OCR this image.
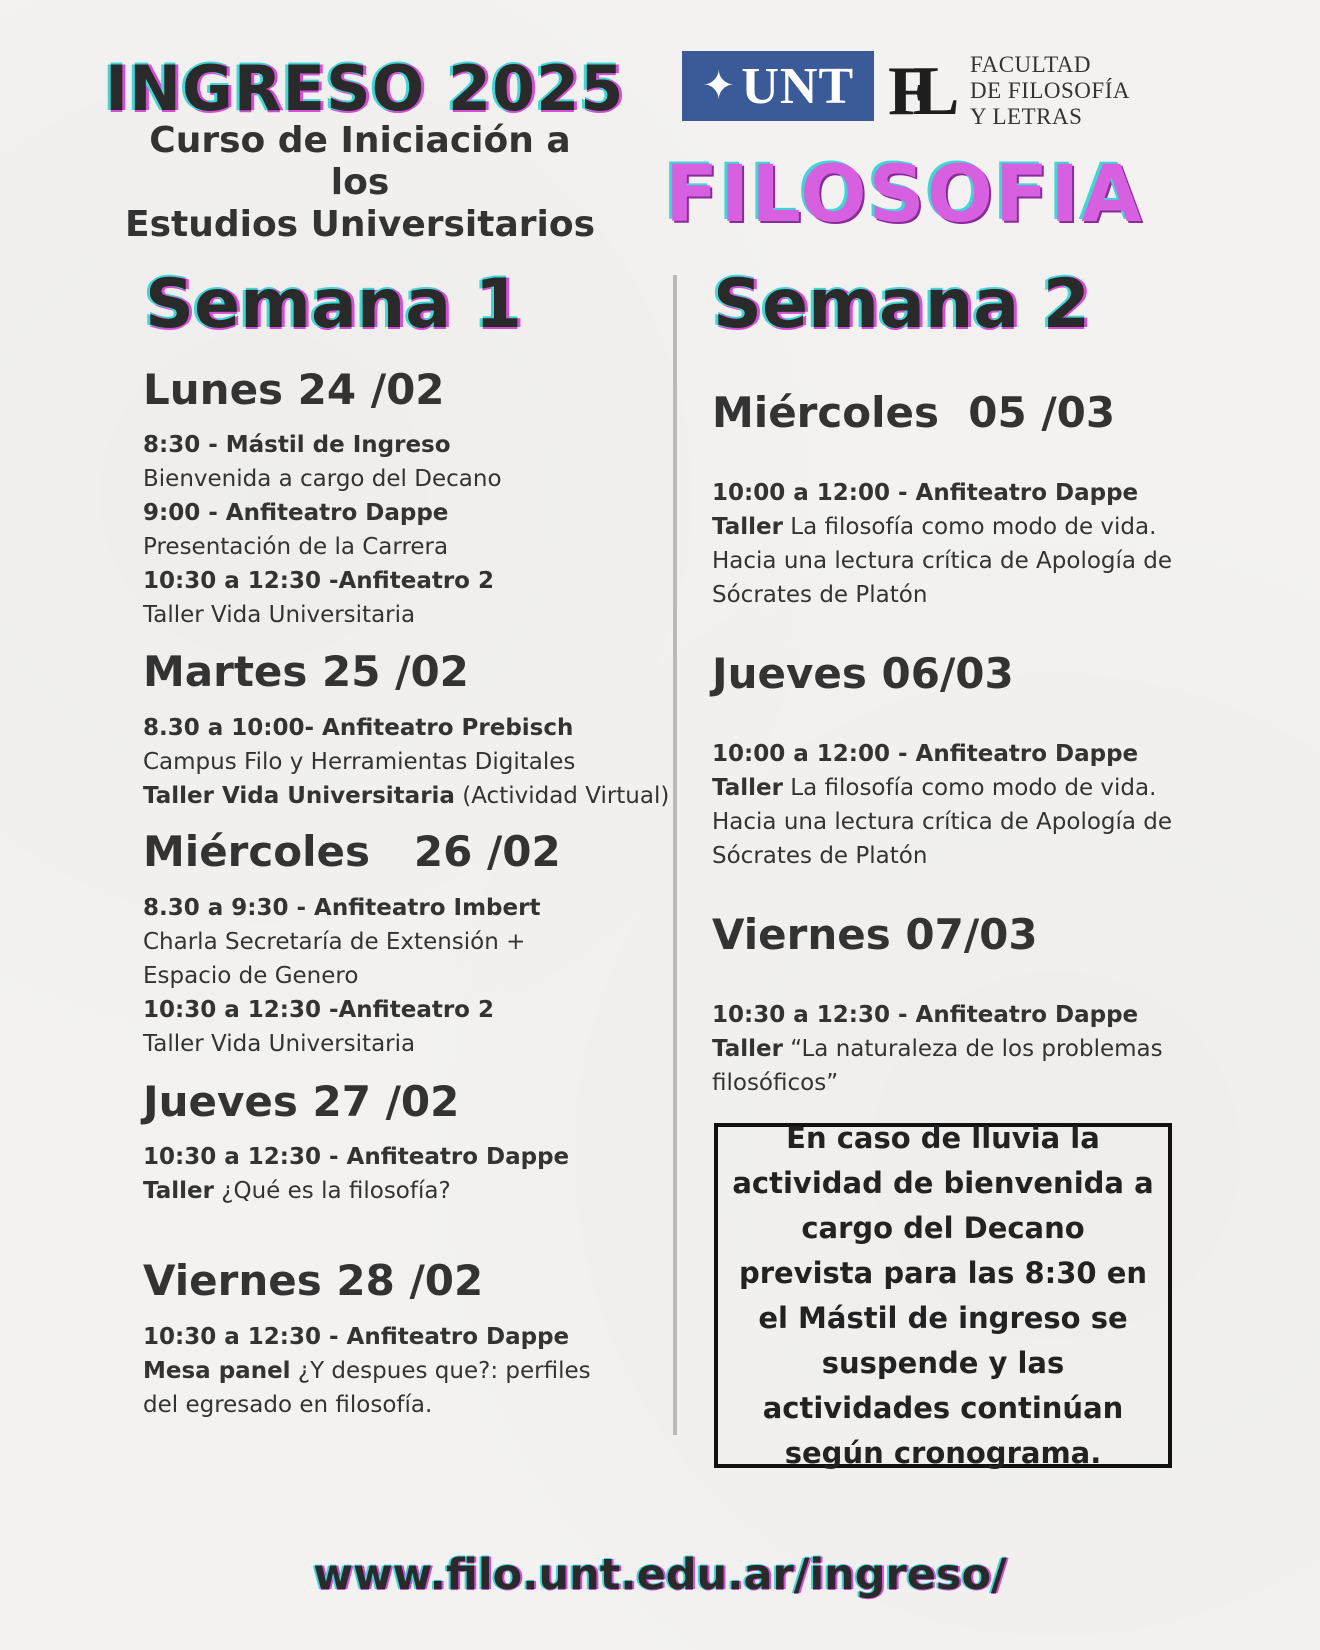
INGRESO 2025
Curso de Iniciación a los
Estudios Universitarios
✦ UNT FL	FACULTAD
DE FILOSOFÍA
Y LETRAS
FILOSOFIA
Semana 1	Semana 2
Lunes 24 /02
8:30 - Mástil de Ingreso
Bienvenida a cargo del Decano
9:00 - Anfiteatro Dappe
Presentación de la Carrera
10:30 a 12:30 -Anfiteatro 2
Taller Vida Universitaria
Martes 25 /02
8.30 a 10:00- Anfiteatro Prebisch
Campus Filo y Herramientas Digitales
Taller Vida Universitaria (Actividad Virtual)
Miércoles   26 /02
8.30 a 9:30 - Anfiteatro Imbert
Charla Secretaría de Extensión +
Espacio de Genero
10:30 a 12:30 -Anfiteatro 2
Taller Vida Universitaria
Jueves 27 /02
10:30 a 12:30 - Anfiteatro Dappe
Taller ¿Qué es la filosofía?
Viernes 28 /02
10:30 a 12:30 - Anfiteatro Dappe
Mesa panel ¿Y despues que?: perfiles
del egresado en filosofía.
Miércoles  05 /03
10:00 a 12:00 - Anfiteatro Dappe
Taller La filosofía como modo de vida.
Hacia una lectura crítica de Apología de
Sócrates de Platón
Jueves 06/03
10:00 a 12:00 - Anfiteatro Dappe
Taller La filosofía como modo de vida.
Hacia una lectura crítica de Apología de
Sócrates de Platón
Viernes 07/03
10:30 a 12:30 - Anfiteatro Dappe
Taller “La naturaleza de los problemas
filosóficos”
En caso de lluvia la actividad de bienvenida a cargo del Decano prevista para las 8:30 en el Mástil de ingreso se suspende y las actividades continúan según cronograma.
www.filo.unt.edu.ar/ingreso/
